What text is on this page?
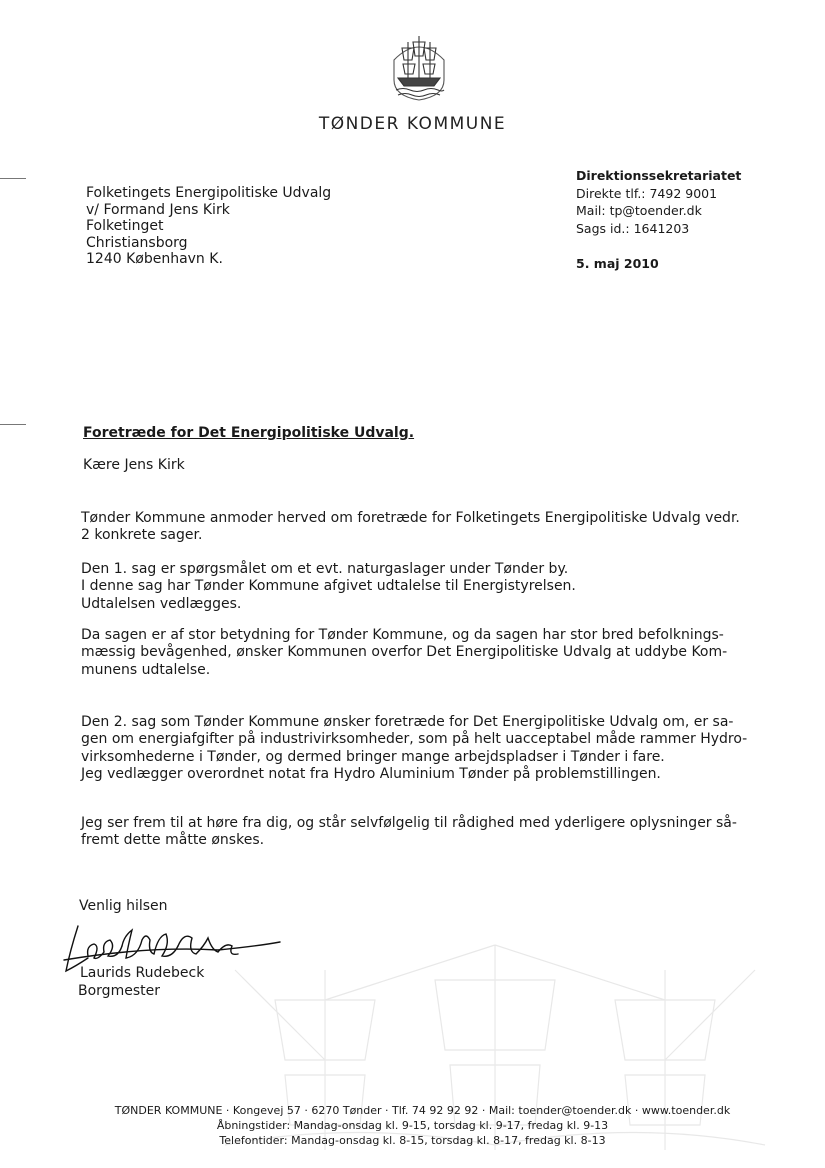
TØNDER KOMMUNE
Folketingets Energipolitiske Udvalg
v/ Formand Jens Kirk
Folketinget
Christiansborg
1240 København K.
Direktionssekretariatet
Direkte tlf.: 7492 9001
Mail: tp@toender.dk
Sags id.: 1641203
5. maj 2010
Foretræde for Det Energipolitiske Udvalg.
Kære Jens Kirk
Tønder Kommune anmoder herved om foretræde for Folketingets Energipolitiske Udvalg vedr.
2 konkrete sager.
Den 1. sag er spørgsmålet om et evt. naturgaslager under Tønder by.
I denne sag har Tønder Kommune afgivet udtalelse til Energistyrelsen.
Udtalelsen vedlægges.
Da sagen er af stor betydning for Tønder Kommune, og da sagen har stor bred befolknings-
mæssig bevågenhed, ønsker Kommunen overfor Det Energipolitiske Udvalg at uddybe Kom-
munens udtalelse.
Den 2. sag som Tønder Kommune ønsker foretræde for Det Energipolitiske Udvalg om, er sa-
gen om energiafgifter på industrivirksomheder, som på helt uacceptabel måde rammer Hydro-
virksomhederne i Tønder, og dermed bringer mange arbejdspladser i Tønder i fare.
Jeg vedlægger overordnet notat fra Hydro Aluminium Tønder på problemstillingen.
Jeg ser frem til at høre fra dig, og står selvfølgelig til rådighed med yderligere oplysninger så-
fremt dette måtte ønskes.
Venlig hilsen
Laurids Rudebeck
Borgmester
TØNDER KOMMUNE · Kongevej 57 · 6270 Tønder · Tlf. 74 92 92 92 · Mail: toender@toender.dk · www.toender.dk
Åbningstider: Mandag-onsdag kl. 9-15, torsdag kl. 9-17, fredag kl. 9-13
Telefontider: Mandag-onsdag kl. 8-15, torsdag kl. 8-17, fredag kl. 8-13
